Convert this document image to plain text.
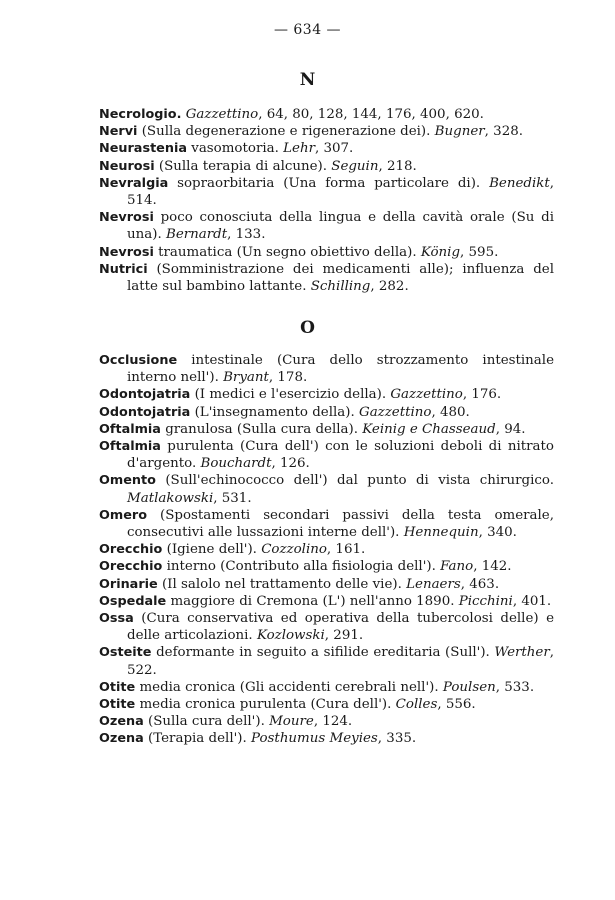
— 634 —
N

Necrologio. Gazzettino, 64, 80, 128, 144, 176, 400, 620.

Nervi (Sulla degenerazione e rigenerazione dei). Bugner, 328.

Neurastenia vasomotoria. Lehr, 307.

Neurosi (Sulla terapia di alcune). Seguin, 218.

Nevralgia sopraorbitaria (Una forma particolare di). Benedikt, 514.

Nevrosi poco conosciuta della lingua e della cavità orale (Su di una). Bernardt, 133.

Nevrosi traumatica (Un segno obiettivo della). König, 595.

Nutrici (Somministrazione dei medicamenti alle); influenza del latte sul bambino lattante. Schilling, 282.

O

Occlusione intestinale (Cura dello strozzamento intestinale interno nell'). Bryant, 178.

Odontojatria (I medici e l'esercizio della). Gazzettino, 176.

Odontojatria (L'insegnamento della). Gazzettino, 480.

Oftalmia granulosa (Sulla cura della). Keinig e Chasseaud, 94.

Oftalmia purulenta (Cura dell') con le soluzioni deboli di nitrato d'argento. Bouchardt, 126.

Omento (Sull'echinococco dell') dal punto di vista chirurgico. Matlakowski, 531.

Omero (Spostamenti secondari passivi della testa omerale, consecutivi alle lussazioni interne dell'). Hennequin, 340.

Orecchio (Igiene dell'). Cozzolino, 161.

Orecchio interno (Contributo alla fisiologia dell'). Fano, 142.

Orinarie (Il salolo nel trattamento delle vie). Lenaers, 463.

Ospedale maggiore di Cremona (L') nell'anno 1890. Picchini, 401.

Ossa (Cura conservativa ed operativa della tubercolosi delle) e delle articolazioni. Kozlowski, 291.

Osteite deformante in seguito a sifilide ereditaria (Sull'). Werther, 522.

Otite media cronica (Gli accidenti cerebrali nell'). Poulsen, 533.

Otite media cronica purulenta (Cura dell'). Colles, 556.

Ozena (Sulla cura dell'). Moure, 124.

Ozena (Terapia dell'). Posthumus Meyies, 335.
